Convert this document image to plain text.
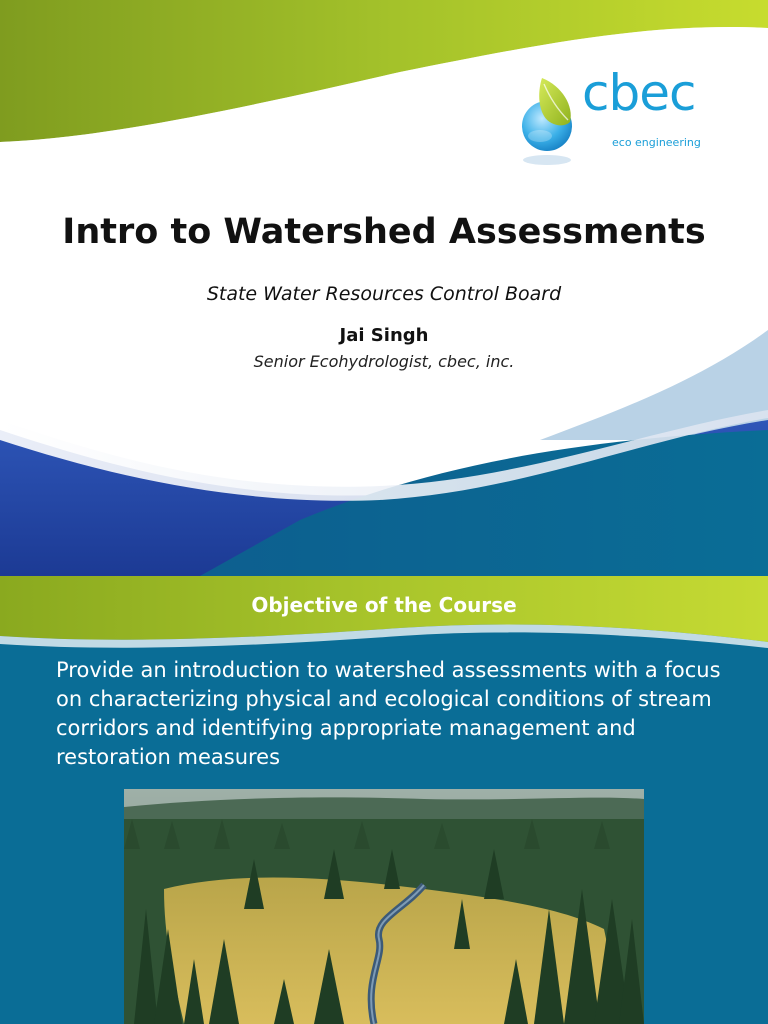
cbec
eco engineering
Intro to Watershed Assessments

State Water Resources Control Board

Jai Singh

Senior Ecohydrologist, cbec, inc.

Objective of the Course

Provide an introduction to watershed assessments with a focus on characterizing physical and ecological conditions of stream corridors and identifying appropriate management and restoration measures
